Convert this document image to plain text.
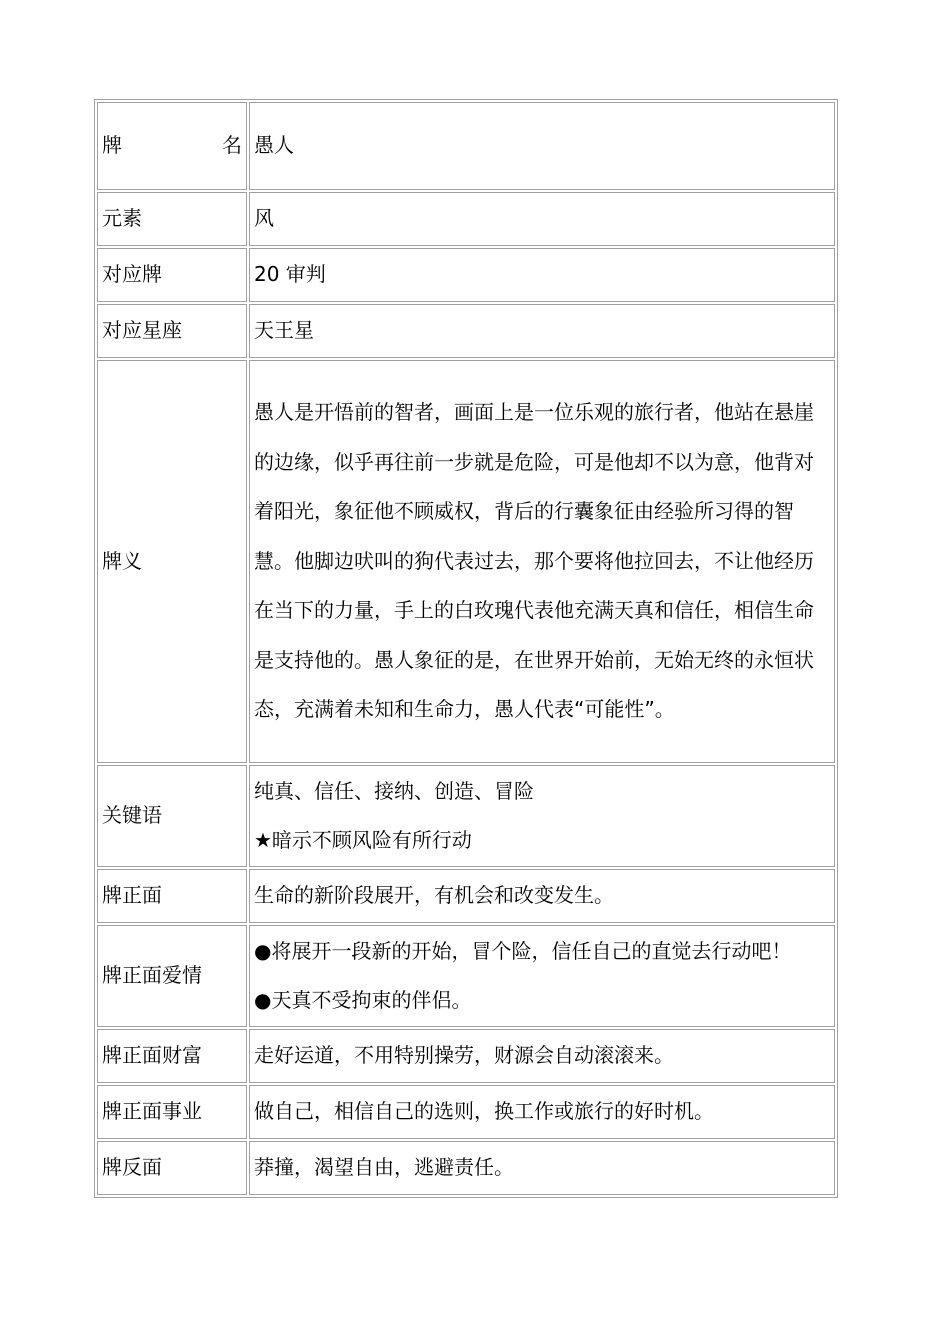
牌 名	愚人
元素	风
对应牌	20 审判
对应星座	天王星
牌义	愚人是开悟前的智者，画面上是一位乐观的旅行者，他站在悬崖的边缘，似乎再往前一步就是危险，可是他却不以为意，他背对着阳光，象征他不顾威权，背后的行囊象征由经验所习得的智慧。他脚边吠叫的狗代表过去，那个要将他拉回去，不让他经历在当下的力量，手上的白玫瑰代表他充满天真和信任，相信生命是支持他的。愚人象征的是，在世界开始前，无始无终的永恒状态，充满着未知和生命力，愚人代表“可能性”。
关键语	纯真、信任、接纳、创造、冒险
★暗示不顾风险有所行动

牌正面	生命的新阶段展开，有机会和改变发生。
牌正面爱情	●将展开一段新的开始，冒个险，信任自己的直觉去行动吧！
●天真不受拘束的伴侣。

牌正面财富	走好运道，不用特别操劳，财源会自动滚滚来。
牌正面事业	做自己，相信自己的选则，换工作或旅行的好时机。
牌反面	莽撞，渴望自由，逃避责任。
